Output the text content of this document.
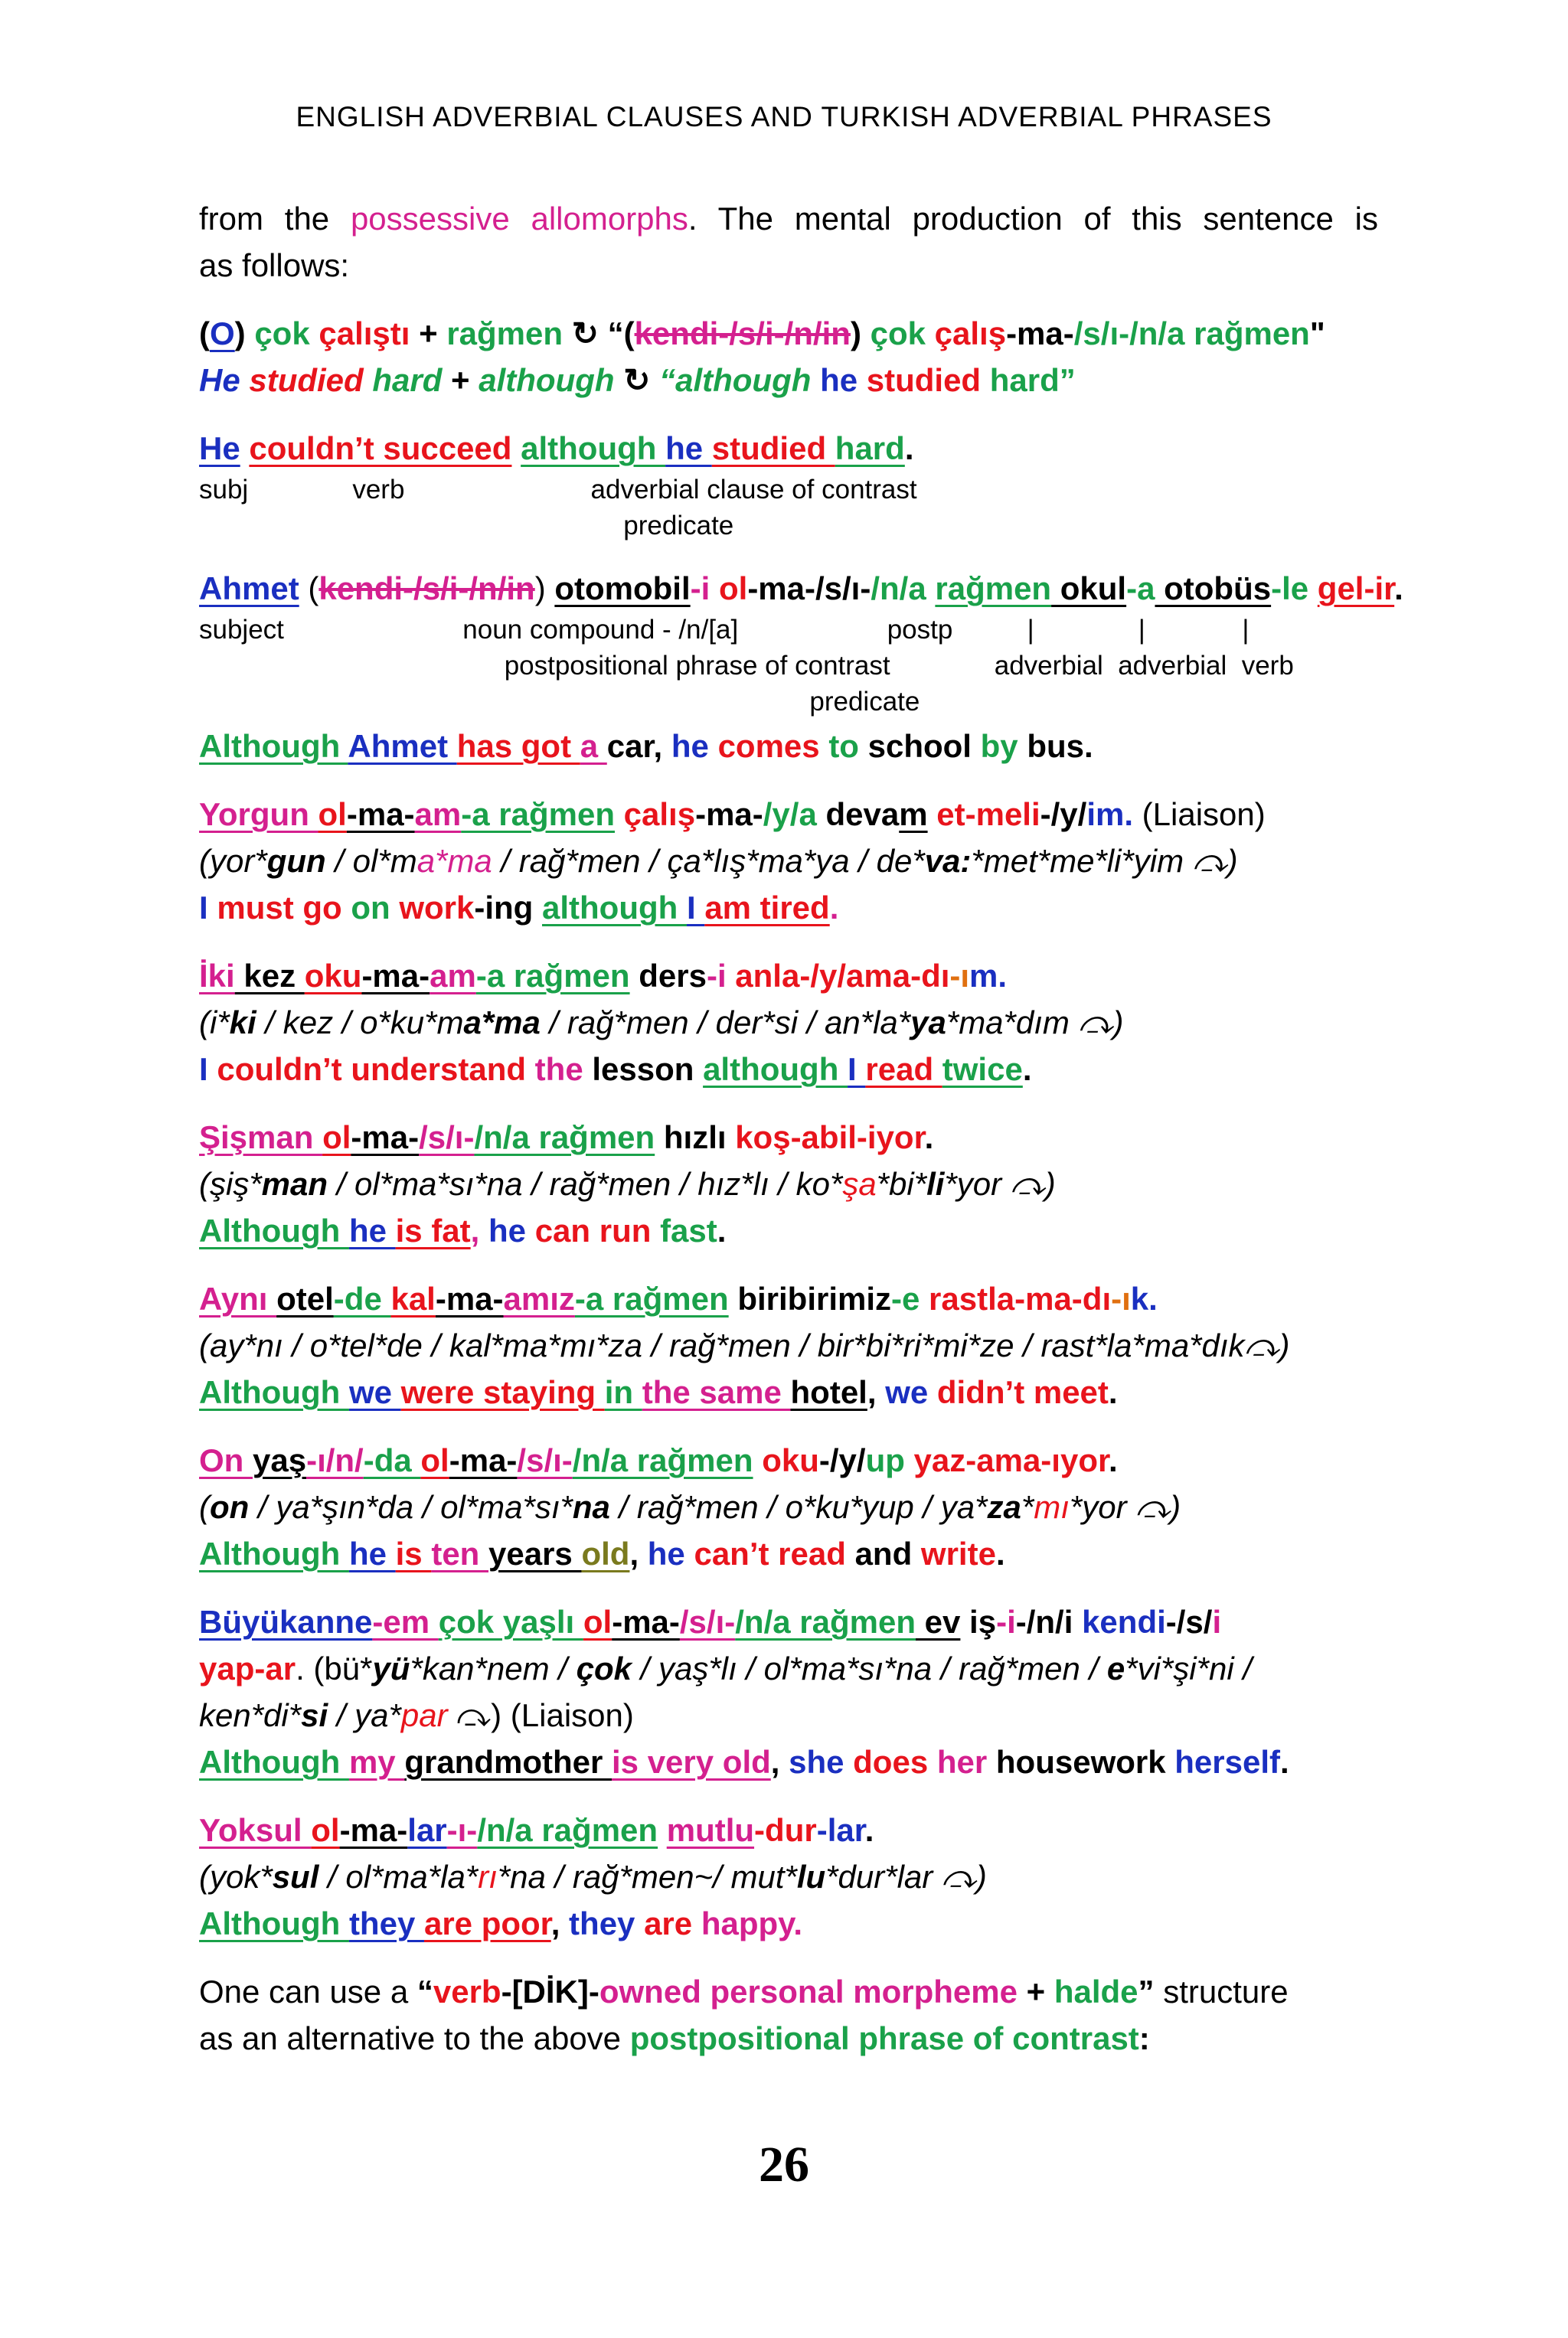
ENGLISH ADVERBIAL CLAUSES AND TURKISH ADVERBIAL PHRASES
from the possessive allomorphs. The mental production of this sentence is
as follows:
(O) çok çalıştı + rağmen ↻ “(kendi-/s/i-/n/in) çok çalış-ma-/s/ı-/n/a rağmen"
He studied hard + although ↻ “although he studied hard”
He couldn’t succeed although he studied hard.
subj              verb                         adverbial clause of contrast
predicate
Ahmet (kendi-/s/i-/n/in) otomobil-i ol-ma-/s/ı-/n/a rağmen okul-a otobüs-le gel-ir.
subject                        noun compound - /n/[a]                    postp          |              |             |
postpositional phrase of contrast              adverbial  adverbial  verb
predicate
Although Ahmet has got a car, he comes to school by bus.
Yorgun ol-ma-am-a rağmen çalış-ma-/y/a devam et-meli-/y/im. (Liaison)
(yor*gun / ol*ma*ma / rağ*men / ça*lış*ma*ya / de*va:*met*me*li*yim ⤼)
I must go on work-ing although I am tired.
İki kez oku-ma-am-a rağmen ders-i anla-/y/ama-dı-ım.
(i*ki / kez / o*ku*ma*ma / rağ*men / der*si / an*la*ya*ma*dım ⤼)
I couldn’t understand the lesson although I read twice.
Şişman ol-ma-/s/ı-/n/a rağmen hızlı koş-abil-iyor.
(şiş*man / ol*ma*sı*na / rağ*men / hız*lı / ko*şa*bi*li*yor ⤼)
Although he is fat, he can run fast.
Aynı otel-de kal-ma-amız-a rağmen biribirimiz-e rastla-ma-dı-ık.
(ay*nı / o*tel*de / kal*ma*mı*za / rağ*men / bir*bi*ri*mi*ze / rast*la*ma*dık⤼)
Although we were staying in the same hotel, we didn’t meet.
On yaş-ı/n/-da ol-ma-/s/ı-/n/a rağmen oku-/y/up yaz-ama-ıyor.
(on / ya*şın*da / ol*ma*sı*na / rağ*men / o*ku*yup / ya*za*mı*yor ⤼)
Although he is ten years old, he can’t read and write.
Büyükanne-em çok yaşlı ol-ma-/s/ı-/n/a rağmen ev iş-i-/n/i kendi-/s/i
yap-ar. (bü*yü*kan*nem / çok / yaş*lı / ol*ma*sı*na / rağ*men / e*vi*şi*ni /
ken*di*si / ya*par ⤼) (Liaison)
Although my grandmother is very old, she does her housework herself.
Yoksul ol-ma-lar-ı-/n/a rağmen mutlu-dur-lar.
(yok*sul / ol*ma*la*rı*na / rağ*men~/ mut*lu*dur*lar ⤼)
Although they are poor, they are happy.
One can use a “verb-[DİK]-owned personal morpheme + halde” structure
as an alternative to the above postpositional phrase of contrast:
26
